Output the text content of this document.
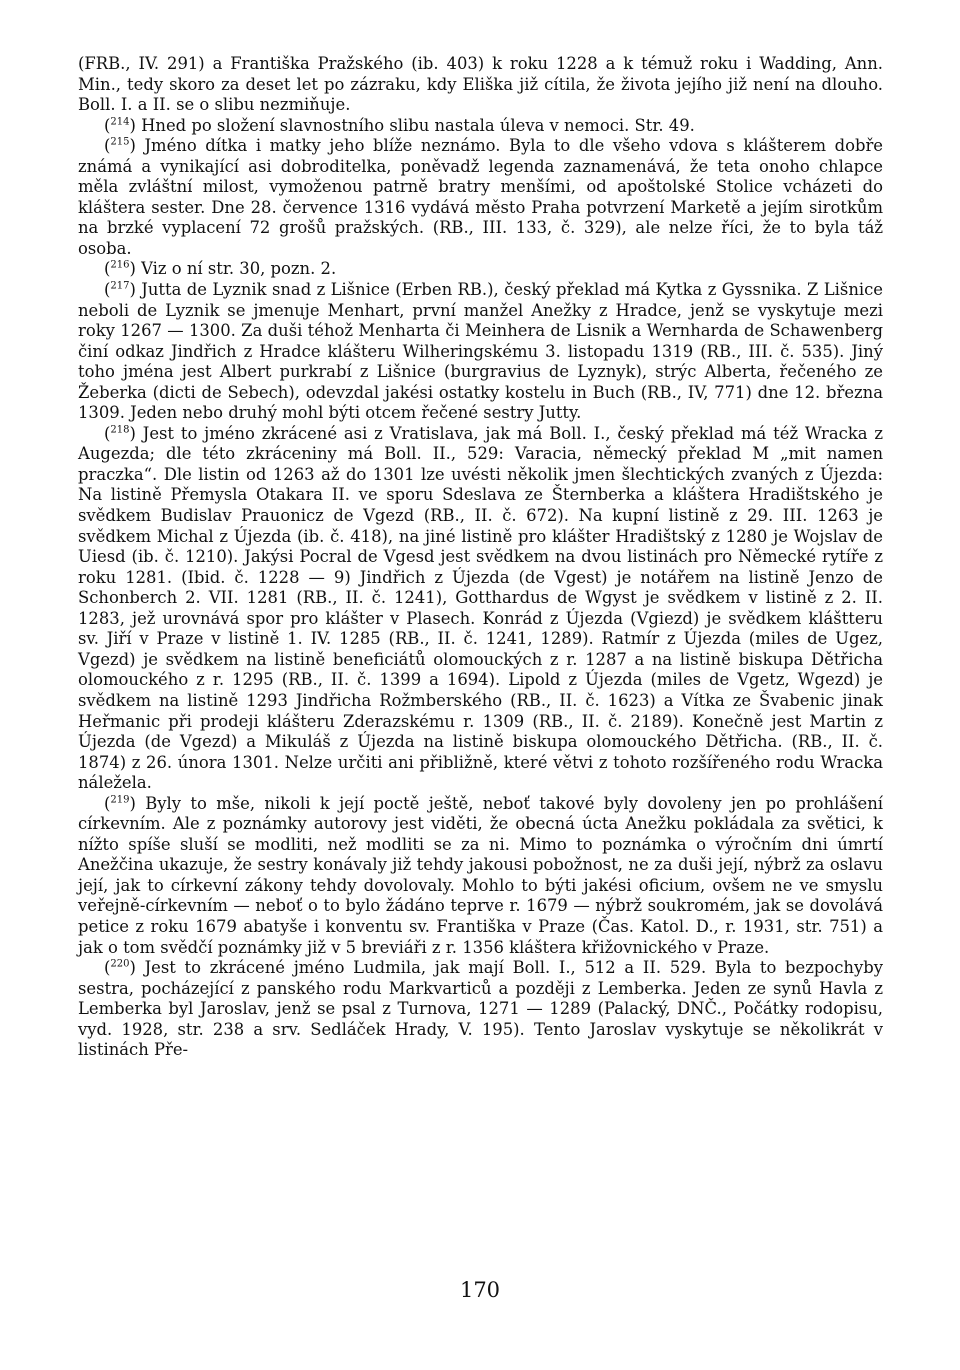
(FRB., IV. 291) a Františka Pražského (ib. 403) k roku 1228 a k témuž roku i Wadding, Ann. Min., tedy skoro za deset let po zázraku, kdy Eliška již cítila, že života jejího již není na dlouho. Boll. I. a II. se o slibu nezmiňuje.

($^{214}$) Hned po složení slavnostního slibu nastala úleva v nemoci. Str. 49.

($^{215}$) Jméno dítka i matky jeho blíže neznámo. Byla to dle všeho vdova s klášterem dobře známá a vynikající asi dobroditelka, poněvadž legenda zaznamenává, že teta onoho chlapce měla zvláštní milost, vymoženou patrně bratry menšími, od apoštolské Stolice vcházeti do kláštera sester. Dne 28. července 1316 vydává město Praha potvrzení Marketě a jejím sirotkům na brzké vyplacení 72 grošů pražských. (RB., III. 133, č. 329), ale nelze říci, že to byla táž osoba.

($^{216}$) Viz o ní str. 30, pozn. 2.

($^{217}$) Jutta de Lyznik snad z Lišnice (Erben RB.), český překlad má Kytka z Gyssnika. Z Lišnice neboli de Lyznik se jmenuje Menhart, první manžel Anežky z Hradce, jenž se vyskytuje mezi roky 1267 — 1300. Za duši téhož Menharta či Meinhera de Lisnik a Wernharda de Schawenberg činí odkaz Jindřich z Hradce klášteru Wilheringskému 3. listopadu 1319 (RB., III. č. 535). Jiný toho jména jest Albert purkrabí z Lišnice (burgravius de Lyznyk), strýc Alberta, řečeného ze Žeberka (dicti de Sebech), odevzdal jakési ostatky kostelu in Buch (RB., IV, 771) dne 12. března 1309. Jeden nebo druhý mohl býti otcem řečené sestry Jutty.

($^{218}$) Jest to jméno zkrácené asi z Vratislava, jak má Boll. I., český překlad má též Wracka z Augezda; dle této zkráceniny má Boll. II., 529: Varacia, německý překlad M „mit namen praczka“. Dle listin od 1263 až do 1301 lze uvésti několik jmen šlechtických zvaných z Újezda: Na listině Přemysla Otakara II. ve sporu Sdeslava ze Šternberka a kláštera Hradištského je svědkem Budislav Prauonicz de Vgezd (RB., II. č. 672). Na kupní listině z 29. III. 1263 je svědkem Michal z Újezda (ib. č. 418), na jiné listině pro klášter Hradištský z 1280 je Wojslav de Uiesd (ib. č. 1210). Jakýsi Pocral de Vgesd jest svědkem na dvou listinách pro Německé rytíře z roku 1281. (Ibid. č. 1228 — 9) Jindřich z Újezda (de Vgest) je notářem na listině Jenzo de Schonberch 2. VII. 1281 (RB., II. č. 1241), Gotthardus de Wgyst je svědkem v listině z 2. II. 1283, jež urovnává spor pro klášter v Plasech. Konrád z Újezda (Vgiezd) je svědkem kláštteru sv. Jiří v Praze v listině 1. IV. 1285 (RB., II. č. 1241, 1289). Ratmír z Újezda (miles de Ugez, Vgezd) je svědkem na listině beneficiátů olomouckých z r. 1287 a na listině biskupa Dětřicha olomouckého z r. 1295 (RB., II. č. 1399 a 1694). Lipold z Újezda (miles de Vgetz, Wgezd) je svědkem na listině 1293 Jindřicha Rožmberského (RB., II. č. 1623) a Vítka ze Švabenic jinak Heřmanic při prodeji klášteru Zderazskému r. 1309 (RB., II. č. 2189). Konečně jest Martin z Újezda (de Vgezd) a Mikuláš z Újezda na listině biskupa olomouckého Dětřicha. (RB., II. č. 1874) z 26. února 1301. Nelze určiti ani přibližně, které větvi z tohoto rozšířeného rodu Wracka náležela.

($^{219}$) Byly to mše, nikoli k její poctě ještě, neboť takové byly dovoleny jen po prohlášení církevním. Ale z poznámky autorovy jest viděti, že obecná úcta Anežku pokládala za světici, k nížto spíše sluší se modliti, než modliti se za ni. Mimo to poznámka o výročním dni úmrtí Anežčina ukazuje, že sestry konávaly již tehdy jakousi pobožnost, ne za duši její, nýbrž za oslavu její, jak to církevní zákony tehdy dovolovaly. Mohlo to býti jakési oficium, ovšem ne ve smyslu veřejně-církevním — neboť o to bylo žádáno teprve r. 1679 — nýbrž soukromém, jak se dovolává petice z roku 1679 abatyše i konventu sv. Františka v Praze (Čas. Katol. D., r. 1931, str. 751) a jak o tom svědčí poznámky již v 5 breviáři z r. 1356 kláštera křižovnického v Praze.

($^{220}$) Jest to zkrácené jméno Ludmila, jak mají Boll. I., 512 a II. 529. Byla to bezpochyby sestra, pocházející z panského rodu Markvarticů a později z Lemberka. Jeden ze synů Havla z Lemberka byl Jaroslav, jenž se psal z Turnova, 1271 — 1289 (Palacký, DNČ., Počátky rodopisu, vyd. 1928, str. 238 a srv. Sedláček Hrady, V. 195). Tento Jaroslav vyskytuje se několikrát v listinách Pře-

170
